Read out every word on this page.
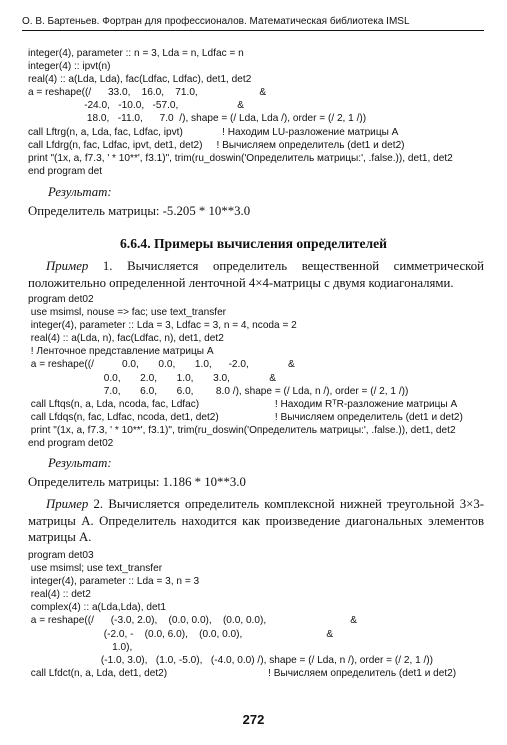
О. В. Бартеньев. Фортран для профессионалов. Математическая библиотека IMSL
integer(4), parameter :: n = 3, Lda = n, Ldfac = n
integer(4) :: ipvt(n)
real(4) :: a(Lda, Lda), fac(Ldfac, Ldfac), det1, det2
a = reshape((/      33.0,    16.0,    71.0,                      &
-24.0,   -10.0,   -57.0,                     &
18.0,   -11.0,      7.0  /), shape = (/ Lda, Lda /), order = (/ 2, 1 /))
call Lftrg(n, a, Lda, fac, Ldfac, ipvt)              ! Находим LU-разложение матрицы A
call Lfdrg(n, fac, Ldfac, ipvt, det1, det2)     ! Вычисляем определитель (det1 и det2)
print "(1x, a, f7.3, ' * 10**', f3.1)", trim(ru_doswin('Определитель матрицы:', .false.)), det1, det2
end program det
Результат:
Определитель матрицы: -5.205 * 10**3.0
6.6.4. Примеры вычисления определителей
Пример 1. Вычисляется определитель вещественной симметрической положительно определенной ленточной 4×4-матрицы с двумя кодиагоналями.
program det02
use msimsl, nouse => fac; use text_transfer
integer(4), parameter :: Lda = 3, Ldfac = 3, n = 4, ncoda = 2
real(4) :: a(Lda, n), fac(Ldfac, n), det1, det2
! Ленточное представление матрицы A
a = reshape((/          0.0,       0.0,       1.0,      -2.0,              &
0.0,       2.0,       1.0,       3.0,              &
7.0,       6.0,       6.0,        8.0 /), shape = (/ Lda, n /), order = (/ 2, 1 /))
call Lftqs(n, a, Lda, ncoda, fac, Ldfac)                           ! Находим RᵀR-разложение матрицы A
call Lfdqs(n, fac, Ldfac, ncoda, det1, det2)                    ! Вычисляем определитель (det1 и det2)
print "(1x, a, f7.3, ' * 10**', f3.1)", trim(ru_doswin('Определитель матрицы:', .false.)), det1, det2
end program det02
Результат:
Определитель матрицы: 1.186 * 10**3.0
Пример 2. Вычисляется определитель комплексной нижней треугольной 3×3-матрицы A. Определитель находится как произведение диагональных элементов матрицы A.
program det03
use msimsl; use text_transfer
integer(4), parameter :: Lda = 3, n = 3
real(4) :: det2
complex(4) :: a(Lda,Lda), det1
a = reshape((/      (-3.0, 2.0),    (0.0, 0.0),    (0.0, 0.0),                              &
(-2.0, -    (0.0, 6.0),    (0.0, 0.0),                              &
1.0),
(-1.0, 3.0),   (1.0, -5.0),   (-4.0, 0.0) /), shape = (/ Lda, n /), order = (/ 2, 1 /))
call Lfdct(n, a, Lda, det1, det2)                                    ! Вычисляем определитель (det1 и det2)
272
